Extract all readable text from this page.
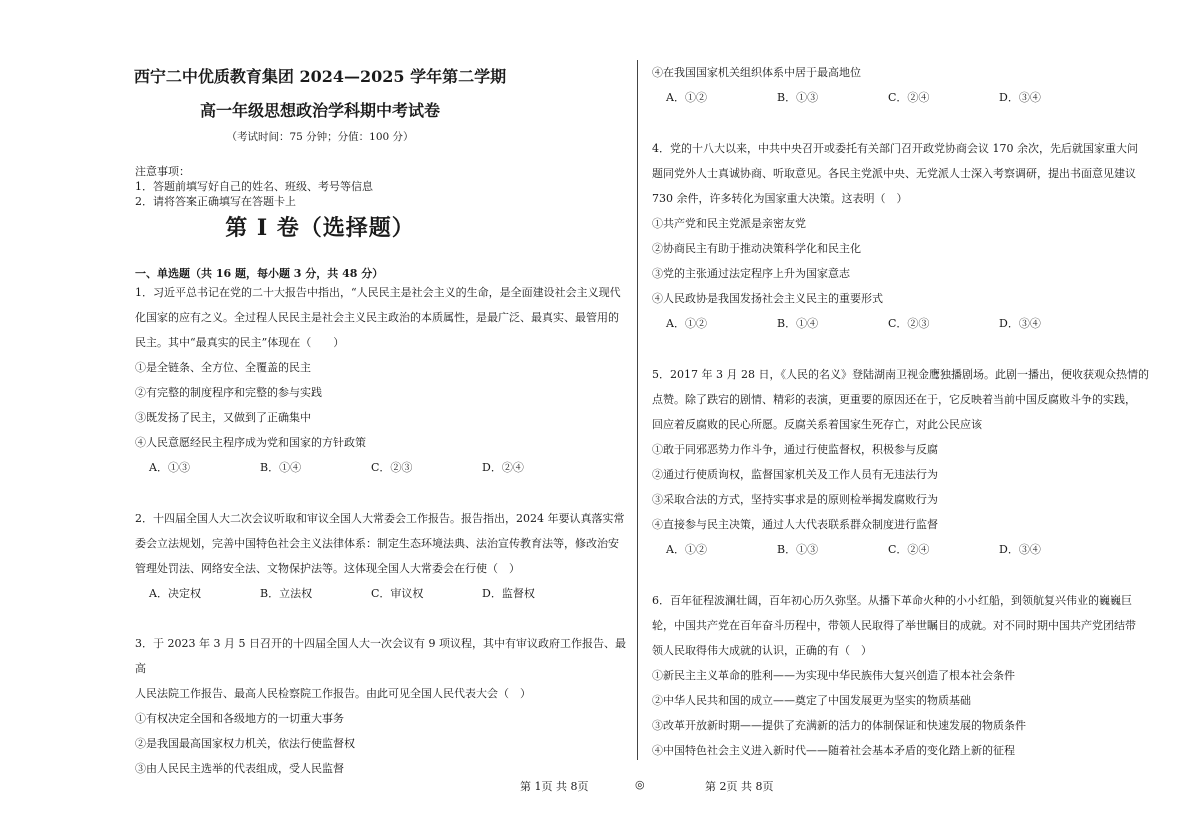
西宁二中优质教育集团 2024—2025 学年第二学期
高一年级思想政治学科期中考试卷
（考试时间：75 分钟；分值：100 分）
注意事项：
1．答题前填写好自己的姓名、班级、考号等信息
2．请将答案正确填写在答题卡上
第 I 卷（选择题）
一、单选题（共 16 题，每小题 3 分，共 48 分）
1．习近平总书记在党的二十大报告中指出，“人民民主是社会主义的生命，是全面建设社会主义现代
化国家的应有之义。全过程人民民主是社会主义民主政治的本质属性，是最广泛、最真实、最管用的
民主。其中“最真实的民主”体现在（　　）
①是全链条、全方位、全覆盖的民主
②有完整的制度程序和完整的参与实践
③既发扬了民主，又做到了正确集中
④人民意愿经民主程序成为党和国家的方针政策
A．①③	B．①④	C．②③	D．②④
2．十四届全国人大二次会议听取和审议全国人大常委会工作报告。报告指出，2024 年要认真落实常
委会立法规划，完善中国特色社会主义法律体系：制定生态环境法典、法治宣传教育法等，修改治安
管理处罚法、网络安全法、文物保护法等。这体现全国人大常委会在行使（　）
A．决定权	B．立法权	C．审议权	D．监督权
3．于 2023 年 3 月 5 日召开的十四届全国人大一次会议有 9 项议程，其中有审议政府工作报告、最高
人民法院工作报告、最高人民检察院工作报告。由此可见全国人民代表大会（　）
①有权决定全国和各级地方的一切重大事务
②是我国最高国家权力机关，依法行使监督权
③由人民民主选举的代表组成，受人民监督
第 1页 共 8页	◎
④在我国国家机关组织体系中居于最高地位
A．①②	B．①③	C．②④	D．③④
4．党的十八大以来，中共中央召开或委托有关部门召开政党协商会议 170 余次，先后就国家重大问
题同党外人士真诚协商、听取意见。各民主党派中央、无党派人士深入考察调研，提出书面意见建议
730 余件，许多转化为国家重大决策。这表明（　）
①共产党和民主党派是亲密友党
②协商民主有助于推动决策科学化和民主化
③党的主张通过法定程序上升为国家意志
④人民政协是我国发扬社会主义民主的重要形式
A．①②	B．①④	C．②③	D．③④
5．2017 年 3 月 28 日，《人民的名义》登陆湖南卫视金鹰独播剧场。此剧一播出，便收获观众热情的
点赞。除了跌宕的剧情、精彩的表演，更重要的原因还在于，它反映着当前中国反腐败斗争的实践，
回应着反腐败的民心所愿。反腐关系着国家生死存亡，对此公民应该
①敢于同邪恶势力作斗争，通过行使监督权，积极参与反腐
②通过行使质询权，监督国家机关及工作人员有无违法行为
③采取合法的方式，坚持实事求是的原则检举揭发腐败行为
④直接参与民主决策，通过人大代表联系群众制度进行监督
A．①②	B．①③	C．②④	D．③④
6．百年征程波澜壮阔，百年初心历久弥坚。从播下革命火种的小小红船，到领航复兴伟业的巍巍巨
轮，中国共产党在百年奋斗历程中，带领人民取得了举世瞩目的成就。对不同时期中国共产党团结带
领人民取得伟大成就的认识，正确的有（　）
①新民主主义革命的胜利——为实现中华民族伟大复兴创造了根本社会条件
②中华人民共和国的成立——奠定了中国发展更为坚实的物质基础
③改革开放新时期——提供了充满新的活力的体制保证和快速发展的物质条件
④中国特色社会主义进入新时代——随着社会基本矛盾的变化踏上新的征程
第 2页 共 8页
